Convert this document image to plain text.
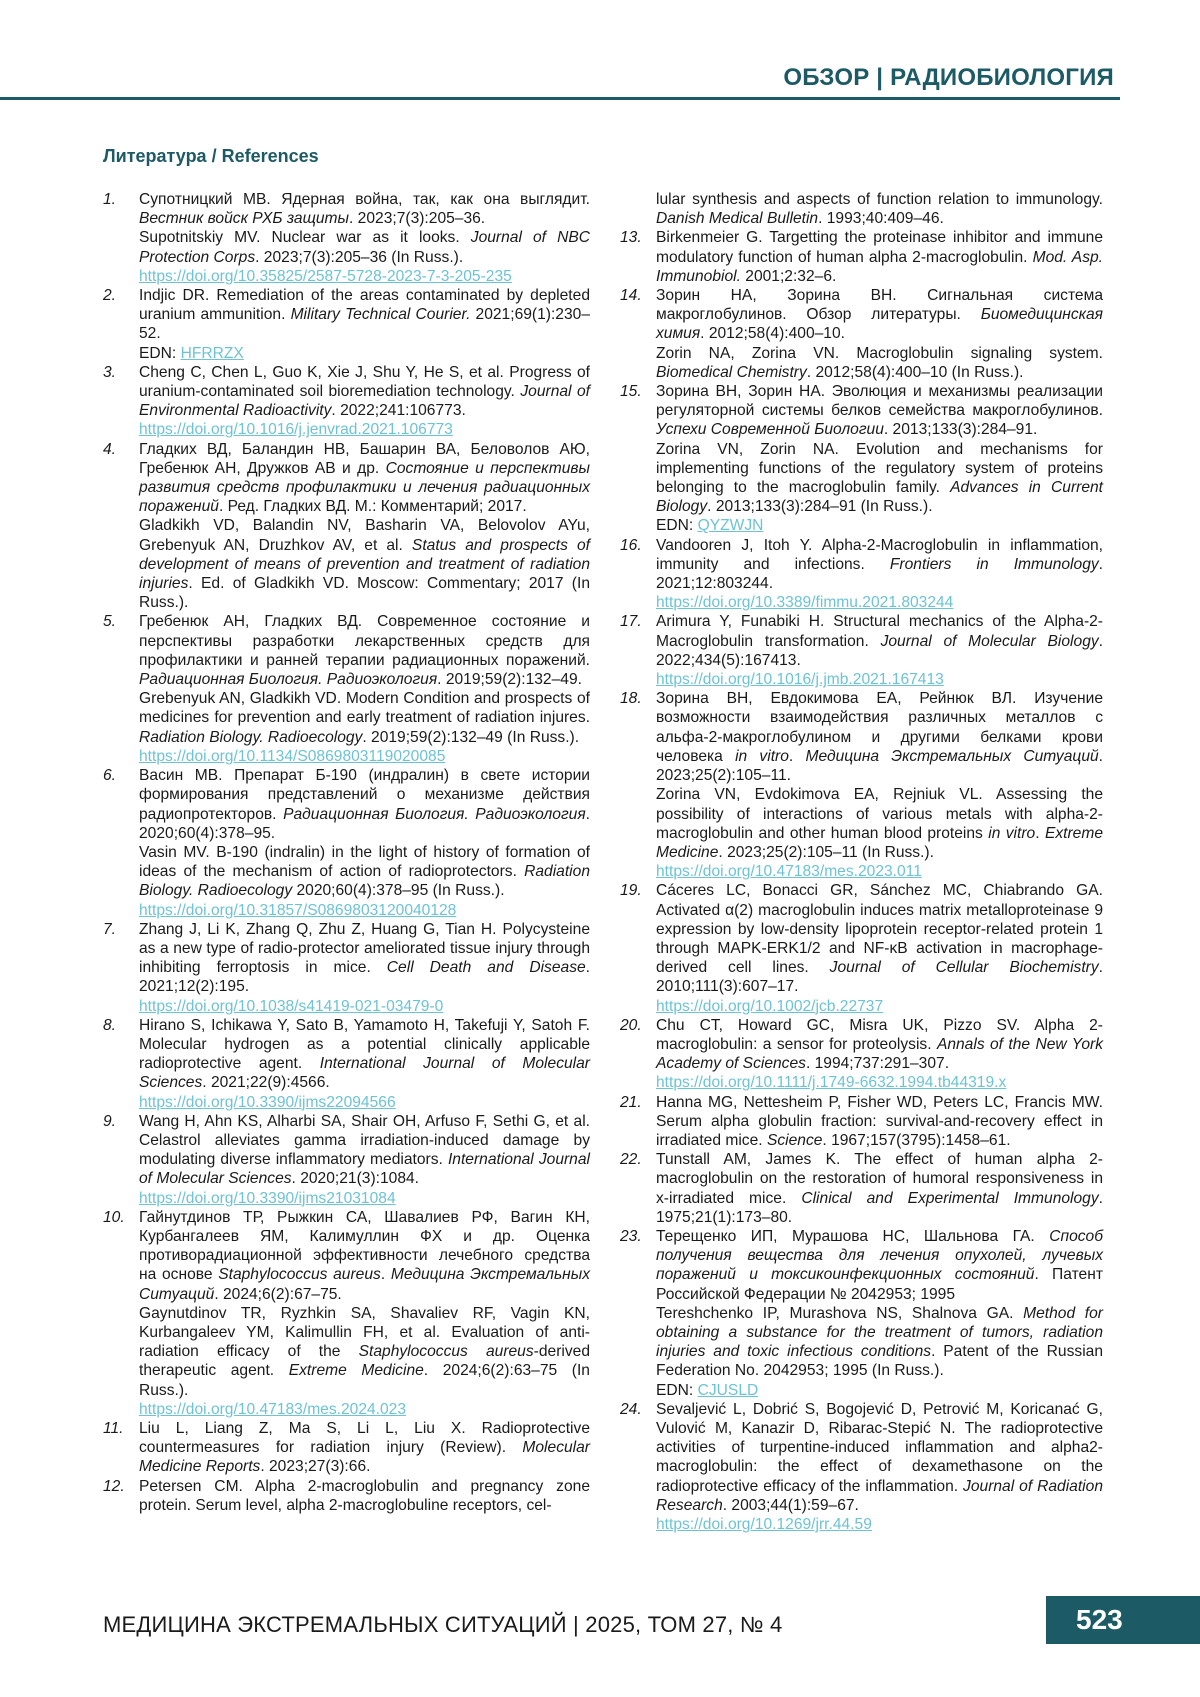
ОБЗОР | РАДИОБИОЛОГИЯ
Литература / References
1. Супотницкий МВ. Ядерная война, так, как она выглядит. Вестник войск РХБ защиты. 2023;7(3):205–36.
Supotnitskiy MV. Nuclear war as it looks. Journal of NBC Protection Corps. 2023;7(3):205–36 (In Russ.).
https://doi.org/10.35825/2587-5728-2023-7-3-205-235

2. Indjic DR. Remediation of the areas contaminated by depleted uranium ammunition. Military Technical Courier. 2021;69(1):230–52.
EDN: HFRRZX

3. Cheng C, Chen L, Guo K, Xie J, Shu Y, He S, et al. Progress of uranium-contaminated soil bioremediation technology. Journal of Environmental Radioactivity. 2022;241:106773.
https://doi.org/10.1016/j.jenvrad.2021.106773

4. Гладких ВД, Баландин НВ, Башарин ВА, Беловолов АЮ, Гребенюк АН, Дружков АВ и др. Состояние и перспективы развития средств профилактики и лечения радиационных поражений. Ред. Гладких ВД. М.: Комментарий; 2017.
Gladkikh VD, Balandin NV, Basharin VA, Belovolov AYu, Grebenyuk AN, Druzhkov AV, et al. Status and prospects of development of means of prevention and treatment of radiation injuries. Ed. of Gladkikh VD. Moscow: Commentary; 2017 (In Russ.).

5. Гребенюк АН, Гладких ВД. Современное состояние и перспективы разработки лекарственных средств для профилактики и ранней терапии радиационных поражений. Радиационная Биология. Радиоэкология. 2019;59(2):132–49.
Grebenyuk AN, Gladkikh VD. Modern Condition and prospects of medicines for prevention and early treatment of radiation injures. Radiation Biology. Radioecology. 2019;59(2):132–49 (In Russ.).
https://doi.org/10.1134/S0869803119020085

6. Васин МВ. Препарат Б-190 (индралин) в свете истории формирования представлений о механизме действия радиопротекторов. Радиационная Биология. Радиоэкология. 2020;60(4):378–95.
Vasin MV. B-190 (indralin) in the light of history of formation of ideas of the mechanism of action of radioprotectors. Radiation Biology. Radioecology 2020;60(4):378–95 (In Russ.).
https://doi.org/10.31857/S0869803120040128

7. Zhang J, Li K, Zhang Q, Zhu Z, Huang G, Tian H. Polycysteine as a new type of radio-protector ameliorated tissue injury through inhibiting ferroptosis in mice. Cell Death and Disease. 2021;12(2):195.
https://doi.org/10.1038/s41419-021-03479-0

8. Hirano S, Ichikawa Y, Sato B, Yamamoto H, Takefuji Y, Satoh F. Molecular hydrogen as a potential clinically applicable radioprotective agent. International Journal of Molecular Sciences. 2021;22(9):4566.
https://doi.org/10.3390/ijms22094566

9. Wang H, Ahn KS, Alharbi SA, Shair OH, Arfuso F, Sethi G, et al. Celastrol alleviates gamma irradiation-induced damage by modulating diverse inflammatory mediators. International Journal of Molecular Sciences. 2020;21(3):1084.
https://doi.org/10.3390/ijms21031084

10. Гайнутдинов ТР, Рыжкин СА, Шавалиев РФ, Вагин КН, Курбангалеев ЯМ, Калимуллин ФХ и др. Оценка противорадиационной эффективности лечебного средства на основе Staphylococcus aureus. Медицина Экстремальных Ситуаций. 2024;6(2):67–75.
Gaynutdinov TR, Ryzhkin SA, Shavaliev RF, Vagin KN, Kurbangaleev YM, Kalimullin FH, et al. Evaluation of anti-radiation efficacy of the Staphylococcus aureus-derived therapeutic agent. Extreme Medicine. 2024;6(2):63–75 (In Russ.).
https://doi.org/10.47183/mes.2024.023

11. Liu L, Liang Z, Ma S, Li L, Liu X. Radioprotective countermeasures for radiation injury (Review). Molecular Medicine Reports. 2023;27(3):66.

12. Petersen CM. Alpha 2-macroglobulin and pregnancy zone protein. Serum level, alpha 2-macroglobuline receptors, cel-

lular synthesis and aspects of function relation to immunology. Danish Medical Bulletin. 1993;40:409–46.

13. Birkenmeier G. Targetting the proteinase inhibitor and immune modulatory function of human alpha 2-macroglobulin. Mod. Asp. Immunobiol. 2001;2:32–6.

14. Зорин НА, Зорина ВН. Сигнальная система макроглобулинов. Обзор литературы. Биомедицинская химия. 2012;58(4):400–10.
Zorin NA, Zorina VN. Macroglobulin signaling system. Biomedical Chemistry. 2012;58(4):400–10 (In Russ.).

15. Зорина ВН, Зорин НА. Эволюция и механизмы реализации регуляторной системы белков семейства макроглобулинов. Успехи Современной Биологии. 2013;133(3):284–91.
Zorina VN, Zorin NA. Evolution and mechanisms for implementing functions of the regulatory system of proteins belonging to the macroglobulin family. Advances in Current Biology. 2013;133(3):284–91 (In Russ.).
EDN: QYZWJN

16. Vandooren J, Itoh Y. Alpha-2-Macroglobulin in inflammation, immunity and infections. Frontiers in Immunology. 2021;12:803244.
https://doi.org/10.3389/fimmu.2021.803244

17. Arimura Y, Funabiki H. Structural mechanics of the Alpha-2-Macroglobulin transformation. Journal of Molecular Biology. 2022;434(5):167413.
https://doi.org/10.1016/j.jmb.2021.167413

18. Зорина ВН, Евдокимова ЕА, Рейнюк ВЛ. Изучение возможности взаимодействия различных металлов с альфа-2-макроглобулином и другими белками крови человека in vitro. Медицина Экстремальных Ситуаций. 2023;25(2):105–11.
Zorina VN, Evdokimova EA, Rejniuk VL. Assessing the possibility of interactions of various metals with alpha-2-macroglobulin and other human blood proteins in vitro. Extreme Medicine. 2023;25(2):105–11 (In Russ.).
https://doi.org/10.47183/mes.2023.011

19. Cáceres LC, Bonacci GR, Sánchez MC, Chiabrando GA. Activated α(2) macroglobulin induces matrix metalloproteinase 9 expression by low-density lipoprotein receptor-related protein 1 through MAPK-ERK1/2 and NF-κB activation in macrophage-derived cell lines. Journal of Cellular Biochemistry. 2010;111(3):607–17.
https://doi.org/10.1002/jcb.22737

20. Chu CT, Howard GC, Misra UK, Pizzo SV. Alpha 2-macroglobulin: a sensor for proteolysis. Annals of the New York Academy of Sciences. 1994;737:291–307.
https://doi.org/10.1111/j.1749-6632.1994.tb44319.x

21. Hanna MG, Nettesheim P, Fisher WD, Peters LC, Francis MW. Serum alpha globulin fraction: survival-and-recovery effect in irradiated mice. Science. 1967;157(3795):1458–61.

22. Tunstall AM, James K. The effect of human alpha 2-macroglobulin on the restoration of humoral responsiveness in x-irradiated mice. Clinical and Experimental Immunology. 1975;21(1):173–80.

23. Терещенко ИП, Мурашова НС, Шальнова ГА. Способ получения вещества для лечения опухолей, лучевых поражений и токсикоинфекционных состояний. Патент Российской Федерации № 2042953; 1995
Tereshchenko IP, Murashova NS, Shalnova GA. Method for obtaining a substance for the treatment of tumors, radiation injuries and toxic infectious conditions. Patent of the Russian Federation No. 2042953; 1995 (In Russ.).
EDN: CJUSLD

24. Sevaljević L, Dobrić S, Bogojević D, Petrović M, Koricanać G, Vulović M, Kanazir D, Ribarac-Stepić N. The radioprotective activities of turpentine-induced inflammation and alpha2-macroglobulin: the effect of dexamethasone on the radioprotective efficacy of the inflammation. Journal of Radiation Research. 2003;44(1):59–67.
https://doi.org/10.1269/jrr.44.59

МЕДИЦИНА ЭКСТРЕМАЛЬНЫХ СИТУАЦИЙ | 2025, ТОМ 27, № 4	523
